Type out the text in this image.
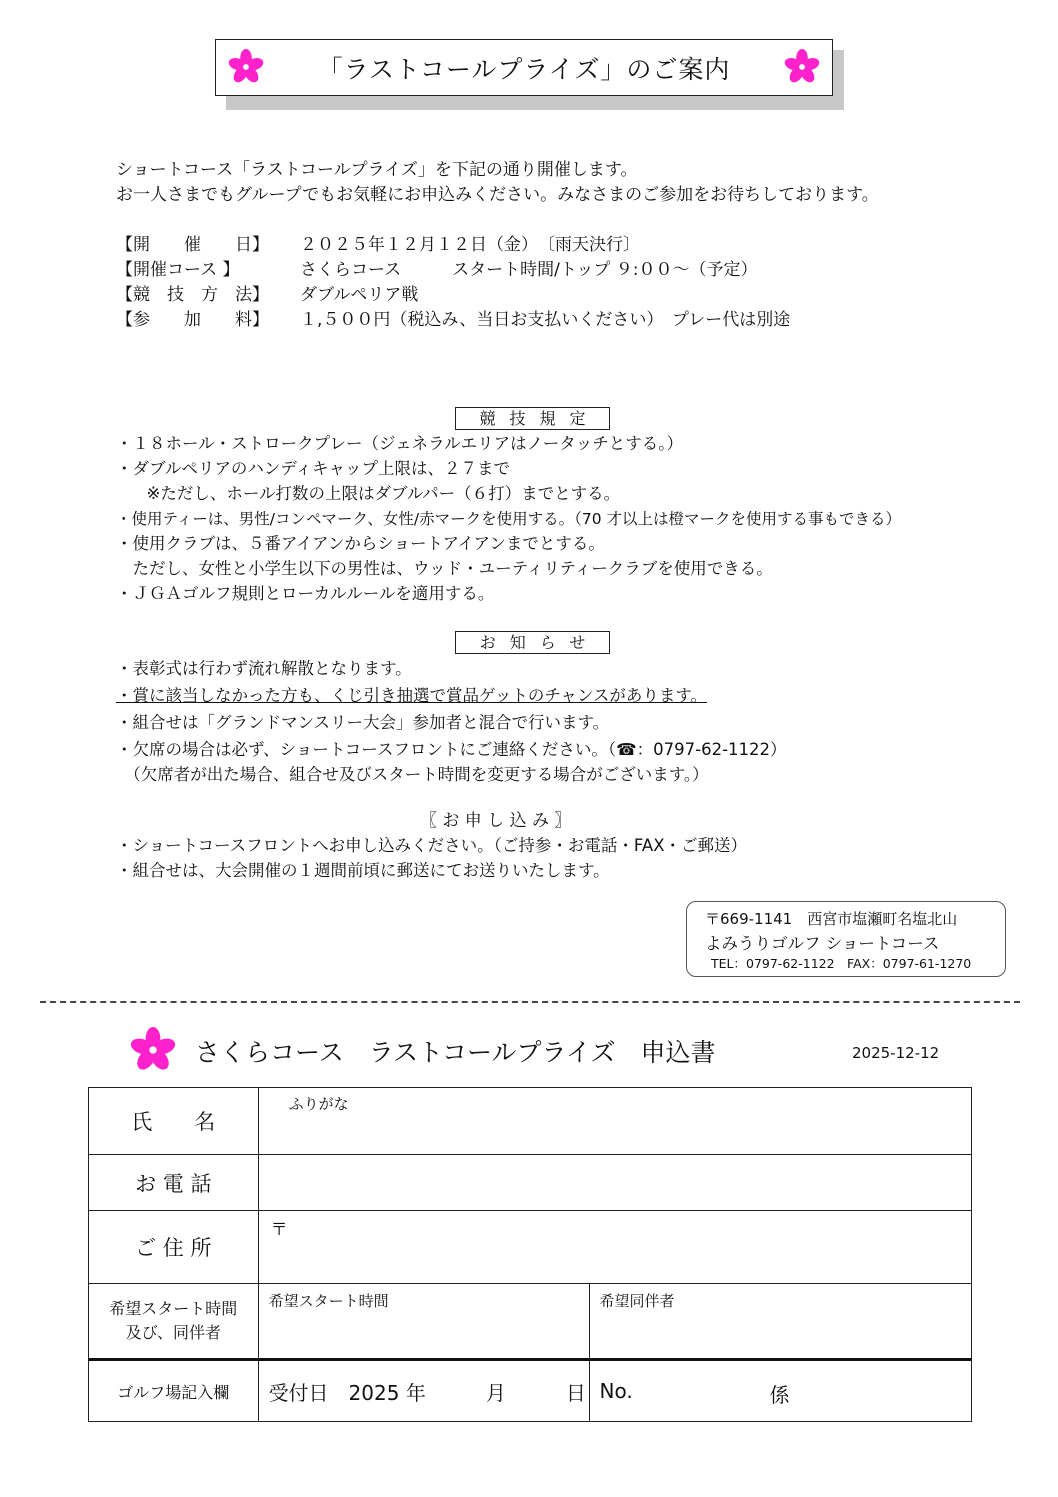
「ラストコールプライズ」のご案内
ショートコース「ラストコールプライズ」を下記の通り開催します。
お一人さまでもグループでもお気軽にお申込みください。みなさまのご参加をお待ちしております。
【開　　催　　日】 ２０２５年１２月１２日（金）　〔雨天決行〕
【開催コース 】	さくらコース　　　スタート時間/トップ ９:００～（予定）
【競　技　方　法】 ダブルペリア戦
【参　　加　　料】 １,５００円（税込み、当日お支払いください）　プレー代は別途
競技規定
・１８ホール・ストロークプレー（ジェネラルエリアはノータッチとする。）
・ダブルペリアのハンディキャップ上限は、２７まで
　※ただし、ホール打数の上限はダブルパー（６打）までとする。
・使用ティーは、男性/コンペマーク、女性/赤マークを使用する。（70 才以上は橙マークを使用する事もできる）
・使用クラブは、５番アイアンからショートアイアンまでとする。
　ただし、女性と小学生以下の男性は、ウッド・ユーティリティークラブを使用できる。
・ＪＧＡゴルフ規則とローカルルールを適用する。
お知らせ
・表彰式は行わず流れ解散となります。
・賞に該当しなかった方も、くじ引き抽選で賞品ゲットのチャンスがあります。
・組合せは「グランドマンスリー大会」参加者と混合で行います。
・欠席の場合は必ず、ショートコースフロントにご連絡ください。（☎：0797-62-1122）
　（欠席者が出た場合、組合せ及びスタート時間を変更する場合がございます。）
〖 お 申 し 込 み 〗
・ショートコースフロントへお申し込みください。（ご持参・お電話・FAX・ご郵送）
・組合せは、大会開催の１週間前頃に郵送にてお送りいたします。
〒669-1141　西宮市塩瀬町名塩北山
よみうりゴルフ ショートコース
TEL：0797-62-1122　FAX：0797-61-1270
さくらコース　ラストコールプライズ　申込書	2025-12-12
氏　　名	ふりがな	

お 電 話		
ご 住 所	〒	

希望スタート時間
及び、同伴者	希望スタート時間	希望同伴者

ゴルフ場記入欄	受付日　2025 年　　　月　　　日	No. 係
